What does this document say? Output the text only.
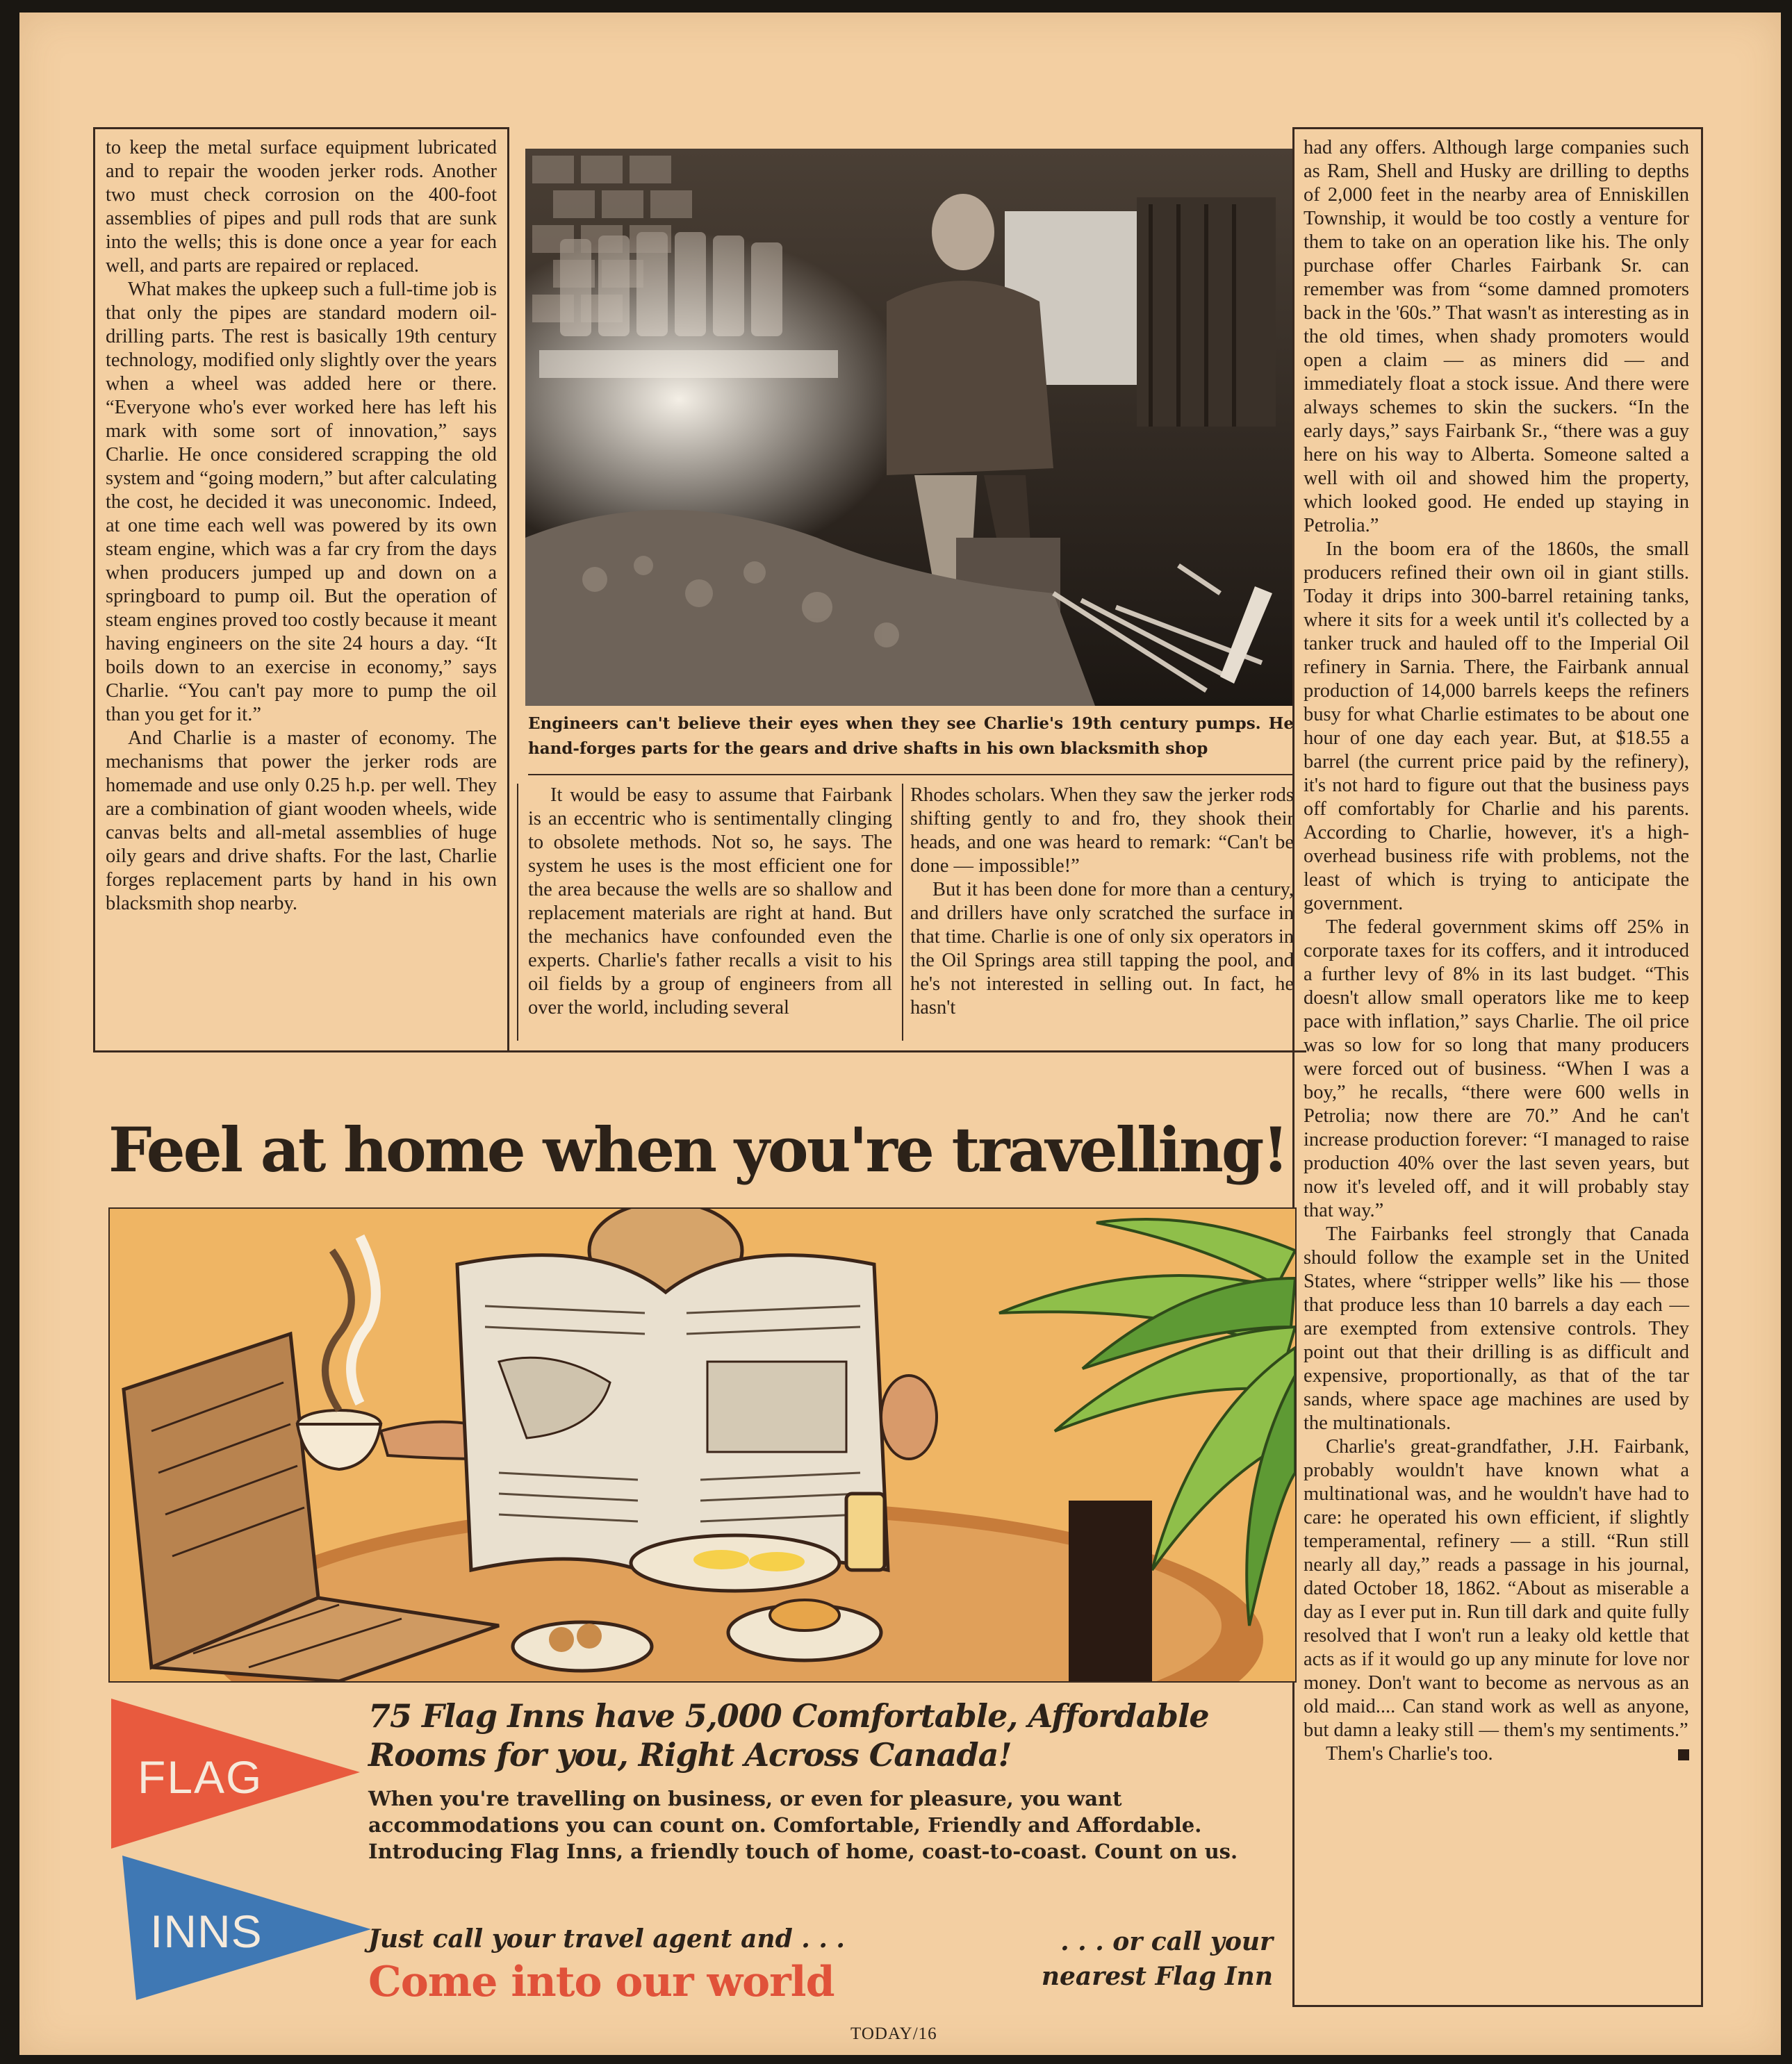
to keep the metal surface equipment lubricated and to repair the wooden jerker rods. Another two must check corrosion on the 400-foot assemblies of pipes and pull rods that are sunk into the wells; this is done once a year for each well, and parts are repaired or replaced.

What makes the upkeep such a full-time job is that only the pipes are standard modern oil-drilling parts. The rest is basically 19th century technology, modified only slightly over the years when a wheel was added here or there. “Everyone who's ever worked here has left his mark with some sort of innovation,” says Charlie. He once considered scrapping the old system and “going modern,” but after calculating the cost, he decided it was uneconomic. Indeed, at one time each well was powered by its own steam engine, which was a far cry from the days when producers jumped up and down on a springboard to pump oil. But the operation of steam engines proved too costly because it meant having engineers on the site 24 hours a day. “It boils down to an exercise in economy,” says Charlie. “You can't pay more to pump the oil than you get for it.”

And Charlie is a master of economy. The mechanisms that power the jerker rods are homemade and use only 0.25 h.p. per well. They are a combination of giant wooden wheels, wide canvas belts and all-metal assemblies of huge oily gears and drive shafts. For the last, Charlie forges replacement parts by hand in his own blacksmith shop nearby.

Engineers can't believe their eyes when they see Charlie's 19th century pumps. He hand-forges parts for the gears and drive shafts in his own blacksmith shop

It would be easy to assume that Fairbank is an eccentric who is sentimentally clinging to obsolete methods. Not so, he says. The system he uses is the most efficient one for the area because the wells are so shallow and replacement materials are right at hand. But the mechanics have confounded even the experts. Charlie's father recalls a visit to his oil fields by a group of engineers from all over the world, including several

Rhodes scholars. When they saw the jerker rods shifting gently to and fro, they shook their heads, and one was heard to remark: “Can't be done — impossible!”

But it has been done for more than a century, and drillers have only scratched the surface in that time. Charlie is one of only six operators in the Oil Springs area still tapping the pool, and he's not interested in selling out. In fact, he hasn't

had any offers. Although large companies such as Ram, Shell and Husky are drilling to depths of 2,000 feet in the nearby area of Enniskillen Township, it would be too costly a venture for them to take on an operation like his. The only purchase offer Charles Fairbank Sr. can remember was from “some damned promoters back in the '60s.” That wasn't as interesting as in the old times, when shady promoters would open a claim — as miners did — and immediately float a stock issue. And there were always schemes to skin the suckers. “In the early days,” says Fairbank Sr., “there was a guy here on his way to Alberta. Someone salted a well with oil and showed him the property, which looked good. He ended up staying in Petrolia.”

In the boom era of the 1860s, the small producers refined their own oil in giant stills. Today it drips into 300-barrel retaining tanks, where it sits for a week until it's collected by a tanker truck and hauled off to the Imperial Oil refinery in Sarnia. There, the Fairbank annual production of 14,000 barrels keeps the refiners busy for what Charlie estimates to be about one hour of one day each year. But, at $18.55 a barrel (the current price paid by the refinery), it's not hard to figure out that the business pays off comfortably for Charlie and his parents. According to Charlie, however, it's a high-overhead business rife with problems, not the least of which is trying to anticipate the government.

The federal government skims off 25% in corporate taxes for its coffers, and it introduced a further levy of 8% in its last budget. “This doesn't allow small operators like me to keep pace with inflation,” says Charlie. The oil price was so low for so long that many producers were forced out of business. “When I was a boy,” he recalls, “there were 600 wells in Petrolia; now there are 70.” And he can't increase production forever: “I managed to raise production 40% over the last seven years, but now it's leveled off, and it will probably stay that way.”

The Fairbanks feel strongly that Canada should follow the example set in the United States, where “stripper wells” like his — those that produce less than 10 barrels a day each — are exempted from extensive controls. They point out that their drilling is as difficult and expensive, proportionally, as that of the tar sands, where space age machines are used by the multinationals.

Charlie's great-grandfather, J.H. Fairbank, probably wouldn't have known what a multinational was, and he wouldn't have had to care: he operated his own efficient, if slightly temperamental, refinery — a still. “Run still nearly all day,” reads a passage in his journal, dated October 18, 1862. “About as miserable a day as I ever put in. Run till dark and quite fully resolved that I won't run a leaky old kettle that acts as if it would go up any minute for love nor money. Don't want to become as nervous as an old maid.... Can stand work as well as anyone, but damn a leaky still — them's my sentiments.”

Them's Charlie's too.

Feel at home when you're travelling!
FLAG
INNS
75 Flag Inns have 5,000 Comfortable, Affordable Rooms for you, Right Across Canada!
When you're travelling on business, or even for pleasure, you want accommodations you can count on. Comfortable, Friendly and Affordable. Introducing Flag Inns, a friendly touch of home, coast-to-coast. Count on us.
Just call your travel agent and . . .
Come into our world
. . . or call your nearest Flag Inn
TODAY/16
